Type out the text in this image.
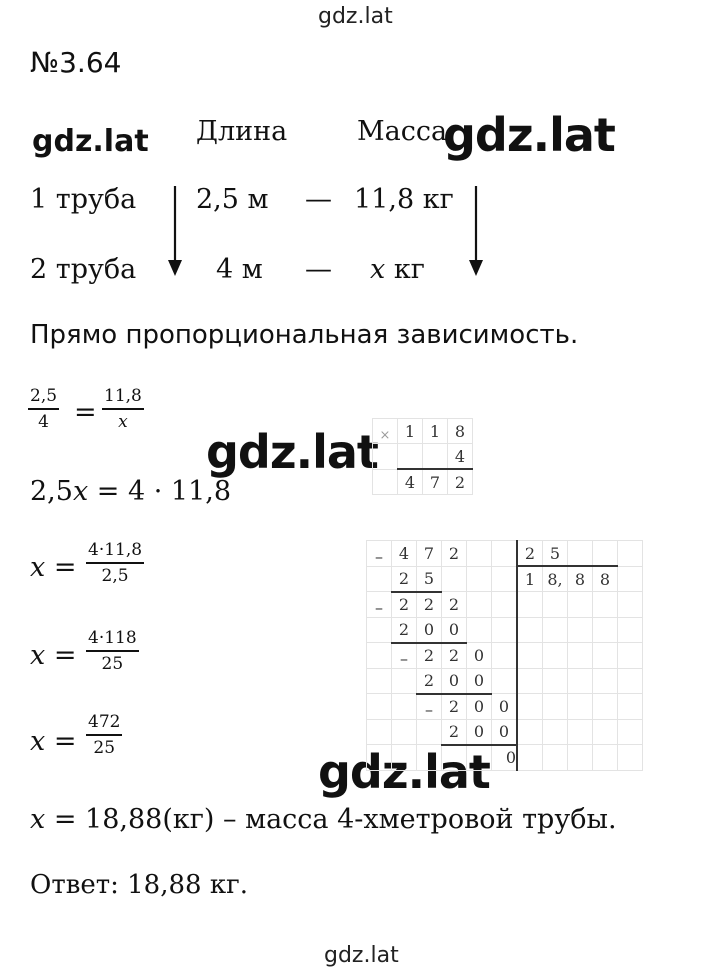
gdz.lat
gdz.lat	gdz.lat
gdz.lat
gdz.lat
gdz.lat
№3.64
Длина	Масса
1 труба 2,5 м — 11,8 кг
2 труба	4 м — x кг
Прямо пропорциональная зависимость.
2,5
4 =
11,8
x
2,5x = 4 · 11,8
x =
4·11,8
2,5
x =
4·118
25
x =
472
25
x = 18,88(кг) – масса 4-хметровой трубы.
Ответ: 18,88 кг.
×	1	1	8
			4
	4	7	2
–	4	7	2			2	5			
	2	5				1	8,	8	8	
–	2	2	2							
	2	0	0							
	–	2	2	0						
		2	0	0						
		–	2	0	0					
			2	0	0					
					0					
